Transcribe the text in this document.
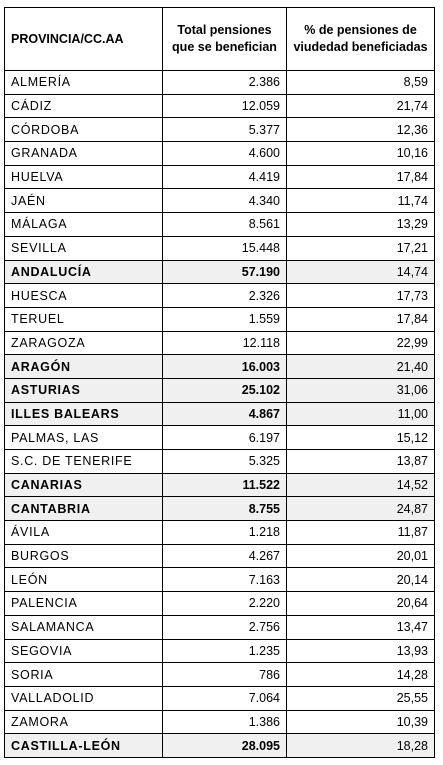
PROVINCIA/CC.AA	Total pensiones que se benefician	% de pensiones de viudedad beneficiadas
ALMERÍA	2.386	8,59
CÁDIZ	12.059	21,74
CÓRDOBA	5.377	12,36
GRANADA	4.600	10,16
HUELVA	4.419	17,84
JAÉN	4.340	11,74
MÁLAGA	8.561	13,29
SEVILLA	15.448	17,21
ANDALUCÍA	57.190	14,74
HUESCA	2.326	17,73
TERUEL	1.559	17,84
ZARAGOZA	12.118	22,99
ARAGÓN	16.003	21,40
ASTURIAS	25.102	31,06
ILLES BALEARS	4.867	11,00
PALMAS, LAS	6.197	15,12
S.C. DE TENERIFE	5.325	13,87
CANARIAS	11.522	14,52
CANTABRIA	8.755	24,87
ÁVILA	1.218	11,87
BURGOS	4.267	20,01
LEÓN	7.163	20,14
PALENCIA	2.220	20,64
SALAMANCA	2.756	13,47
SEGOVIA	1.235	13,93
SORIA	786	14,28
VALLADOLID	7.064	25,55
ZAMORA	1.386	10,39
CASTILLA-LEÓN	28.095	18,28
